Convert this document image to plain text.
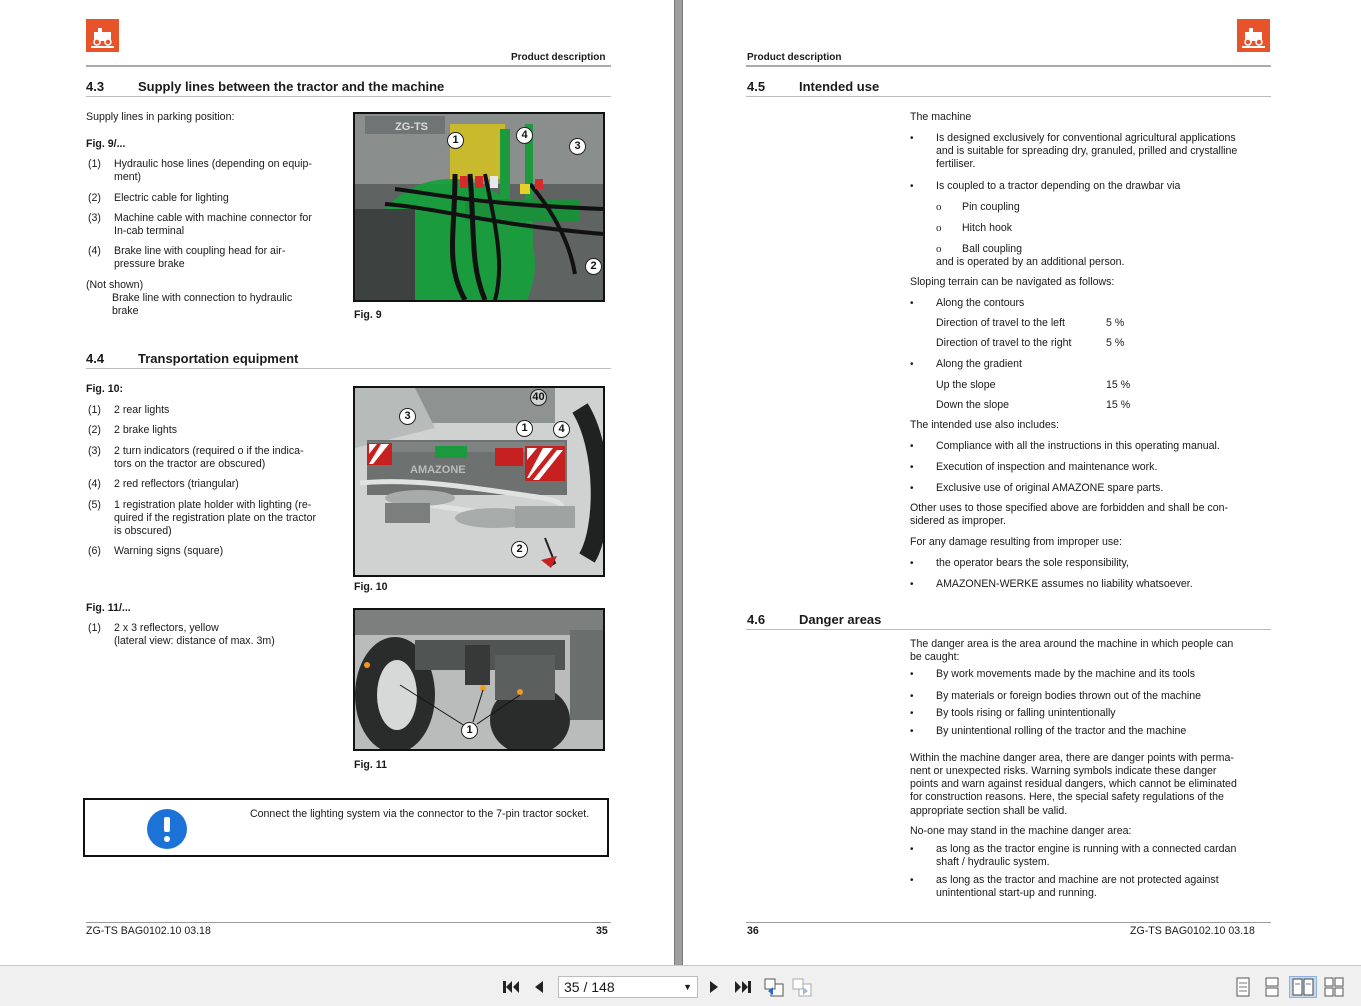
Product description
4.3	Supply lines between the tractor and the machine
Supply lines in parking position:
Fig. 9/...
(1) Hydraulic hose lines (depending on equip-
ment)
(2) Electric cable for lighting
(3) Machine cable with machine connector for
In-cab terminal
(4) Brake line with coupling head for air-
pressure brake
(Not shown)
Brake line with connection to hydraulic
brake
ZG-TS
1	4
3
2
Fig. 9
4.4	Transportation equipment
Fig. 10:
(1) 2 rear lights
(2) 2 brake lights
(3) 2 turn indicators (required o if the indica-
tors on the tractor are obscured)
(4) 2 red reflectors (triangular)
(5) 1 registration plate holder with lighting (re-
quired if the registration plate on the tractor
is obscured)
(6) Warning signs (square)
AMAZONE
3
40
1	4
2
Fig. 10
Fig. 11/...
(1) 2 x 3 reflectors, yellow
(lateral view: distance of max. 3m)
1
Fig. 11
Connect the lighting system via the connector to the 7-pin tractor socket.
ZG-TS BAG0102.10 03.18	35
Product description
4.5	Intended use
The machine
• Is designed exclusively for conventional agricultural applications
and is suitable for spreading dry, granuled, prilled and crystalline
fertiliser.
• Is coupled to a tractor depending on the drawbar via
o Pin coupling
o Hitch hook
o Ball coupling
and is operated by an additional person.
Sloping terrain can be navigated as follows:
• Along the contours
Direction of travel to the left	5 %
Direction of travel to the right	5 %
• Along the gradient
Up the slope	15 %
Down the slope	15 %
The intended use also includes:
• Compliance with all the instructions in this operating manual.
• Execution of inspection and maintenance work.
• Exclusive use of original AMAZONE spare parts.
Other uses to those specified above are forbidden and shall be con-
sidered as improper.
For any damage resulting from improper use:
• the operator bears the sole responsibility,
• AMAZONEN-WERKE assumes no liability whatsoever.
4.6	Danger areas
The danger area is the area around the machine in which people can
be caught:
• By work movements made by the machine and its tools
• By materials or foreign bodies thrown out of the machine
• By tools rising or falling unintentionally
• By unintentional rolling of the tractor and the machine
Within the machine danger area, there are danger points with perma-
nent or unexpected risks. Warning symbols indicate these danger
points and warn against residual dangers, which cannot be eliminated
for construction reasons. Here, the special safety regulations of the
appropriate section shall be valid.
No-one may stand in the machine danger area:
• as long as the tractor engine is running with a connected cardan
shaft / hydraulic system.
• as long as the tractor and machine are not protected against
unintentional start-up and running.
36	ZG-TS BAG0102.10 03.18
35 / 148	▼
